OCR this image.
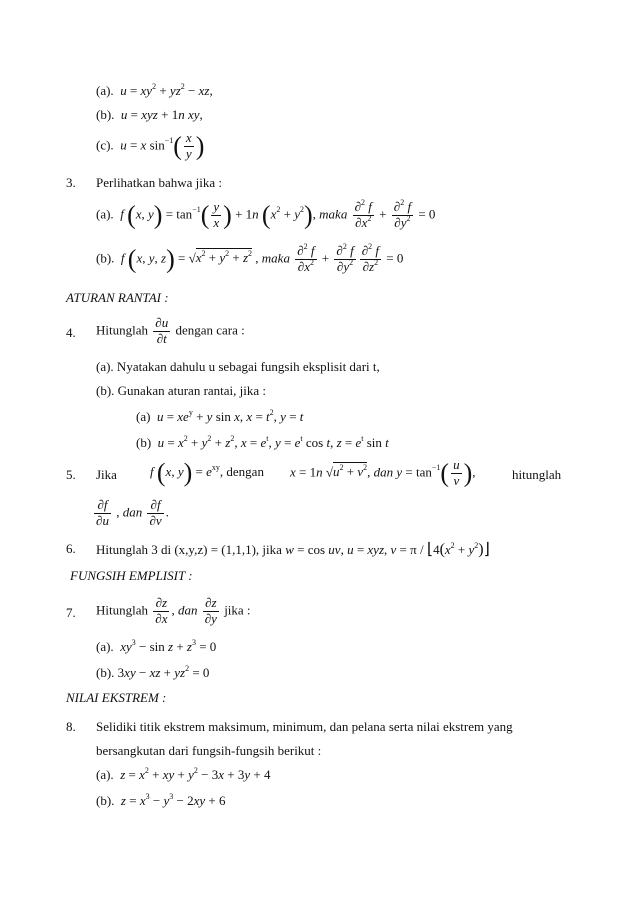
(a).  $u = xy^2 + yz^2$ − xz,
(b).  u = xyz + 1n xy,
(c).  u = x $\sin^{-1}( \frac{x}{y}$ )
3. Perlihatkan bahwa jika :
(a).  f (x, $y) = \tan^{-1}( \frac{y}{x}$ ) + 1n $(x^2 + y^2)$, maka $\frac{\partial^2 f}{\partial x^2} + \frac{\partial^2 f}{\partial y^2} = 0$
(b).  f (x, y, $z) = √x^2 + y^2 + z^2$ , maka $\frac{\partial^2 f}{\partial x^2} + \frac{\partial^2 f}{\partial y^2} \frac{\partial^2 f}{\partial z^2} = 0$
ATURAN RANTAI :
4. Hitunglah $\frac{\partial u}{\partial t}$ dengan cara :
(a). Nyatakan dahulu u sebagai fungsih eksplisit dari t,
(b). Gunakan aturan rantai, jika :
(a) $u = xe^y + y$ sin x, $x = t^2$, y = t
(b) $u = x^2 + y^2 + z^2$, $x = e^t$, $y = e^t$ cos t, $z = e^t$ sin t
5. Jika	f (x, $y) = e^{xy}$, dengan x = 1n $√u^2 + v^2$, dan $y = \tan^{-1}( \frac{u}{v}$ ),	hitunglah
$\frac{\partial f}{\partial u}$ , dan $\frac{\partial f}{\partial v}$ .
6. Hitunglah 3 di (x,y,z) = (1,1,1), jika w = cos uv, u = xyz, $v = \pi / ⌊4(x^2$ + $y^2)⌋$
FUNGSIH EMPLISIT :
7. Hitunglah $\frac{\partial z}{\partial x}$ , dan $\frac{\partial z}{\partial y}$ jika :
(a).  $xy^3 - \sin z + z^3 = 0$
(b). 3xy − xz + $yz^2 = 0$
NILAI EKSTREM :
8. Selidiki titik ekstrem maksimum, minimum, dan pelana serta nilai ekstrem yang
bersangkutan dari fungsih-fungsih berikut :
(a).  $z = x^2$ + xy + $y^2 - 3x + 3y + 4$
(b).  $z = x^3 - y^3 - 2xy + 6$
